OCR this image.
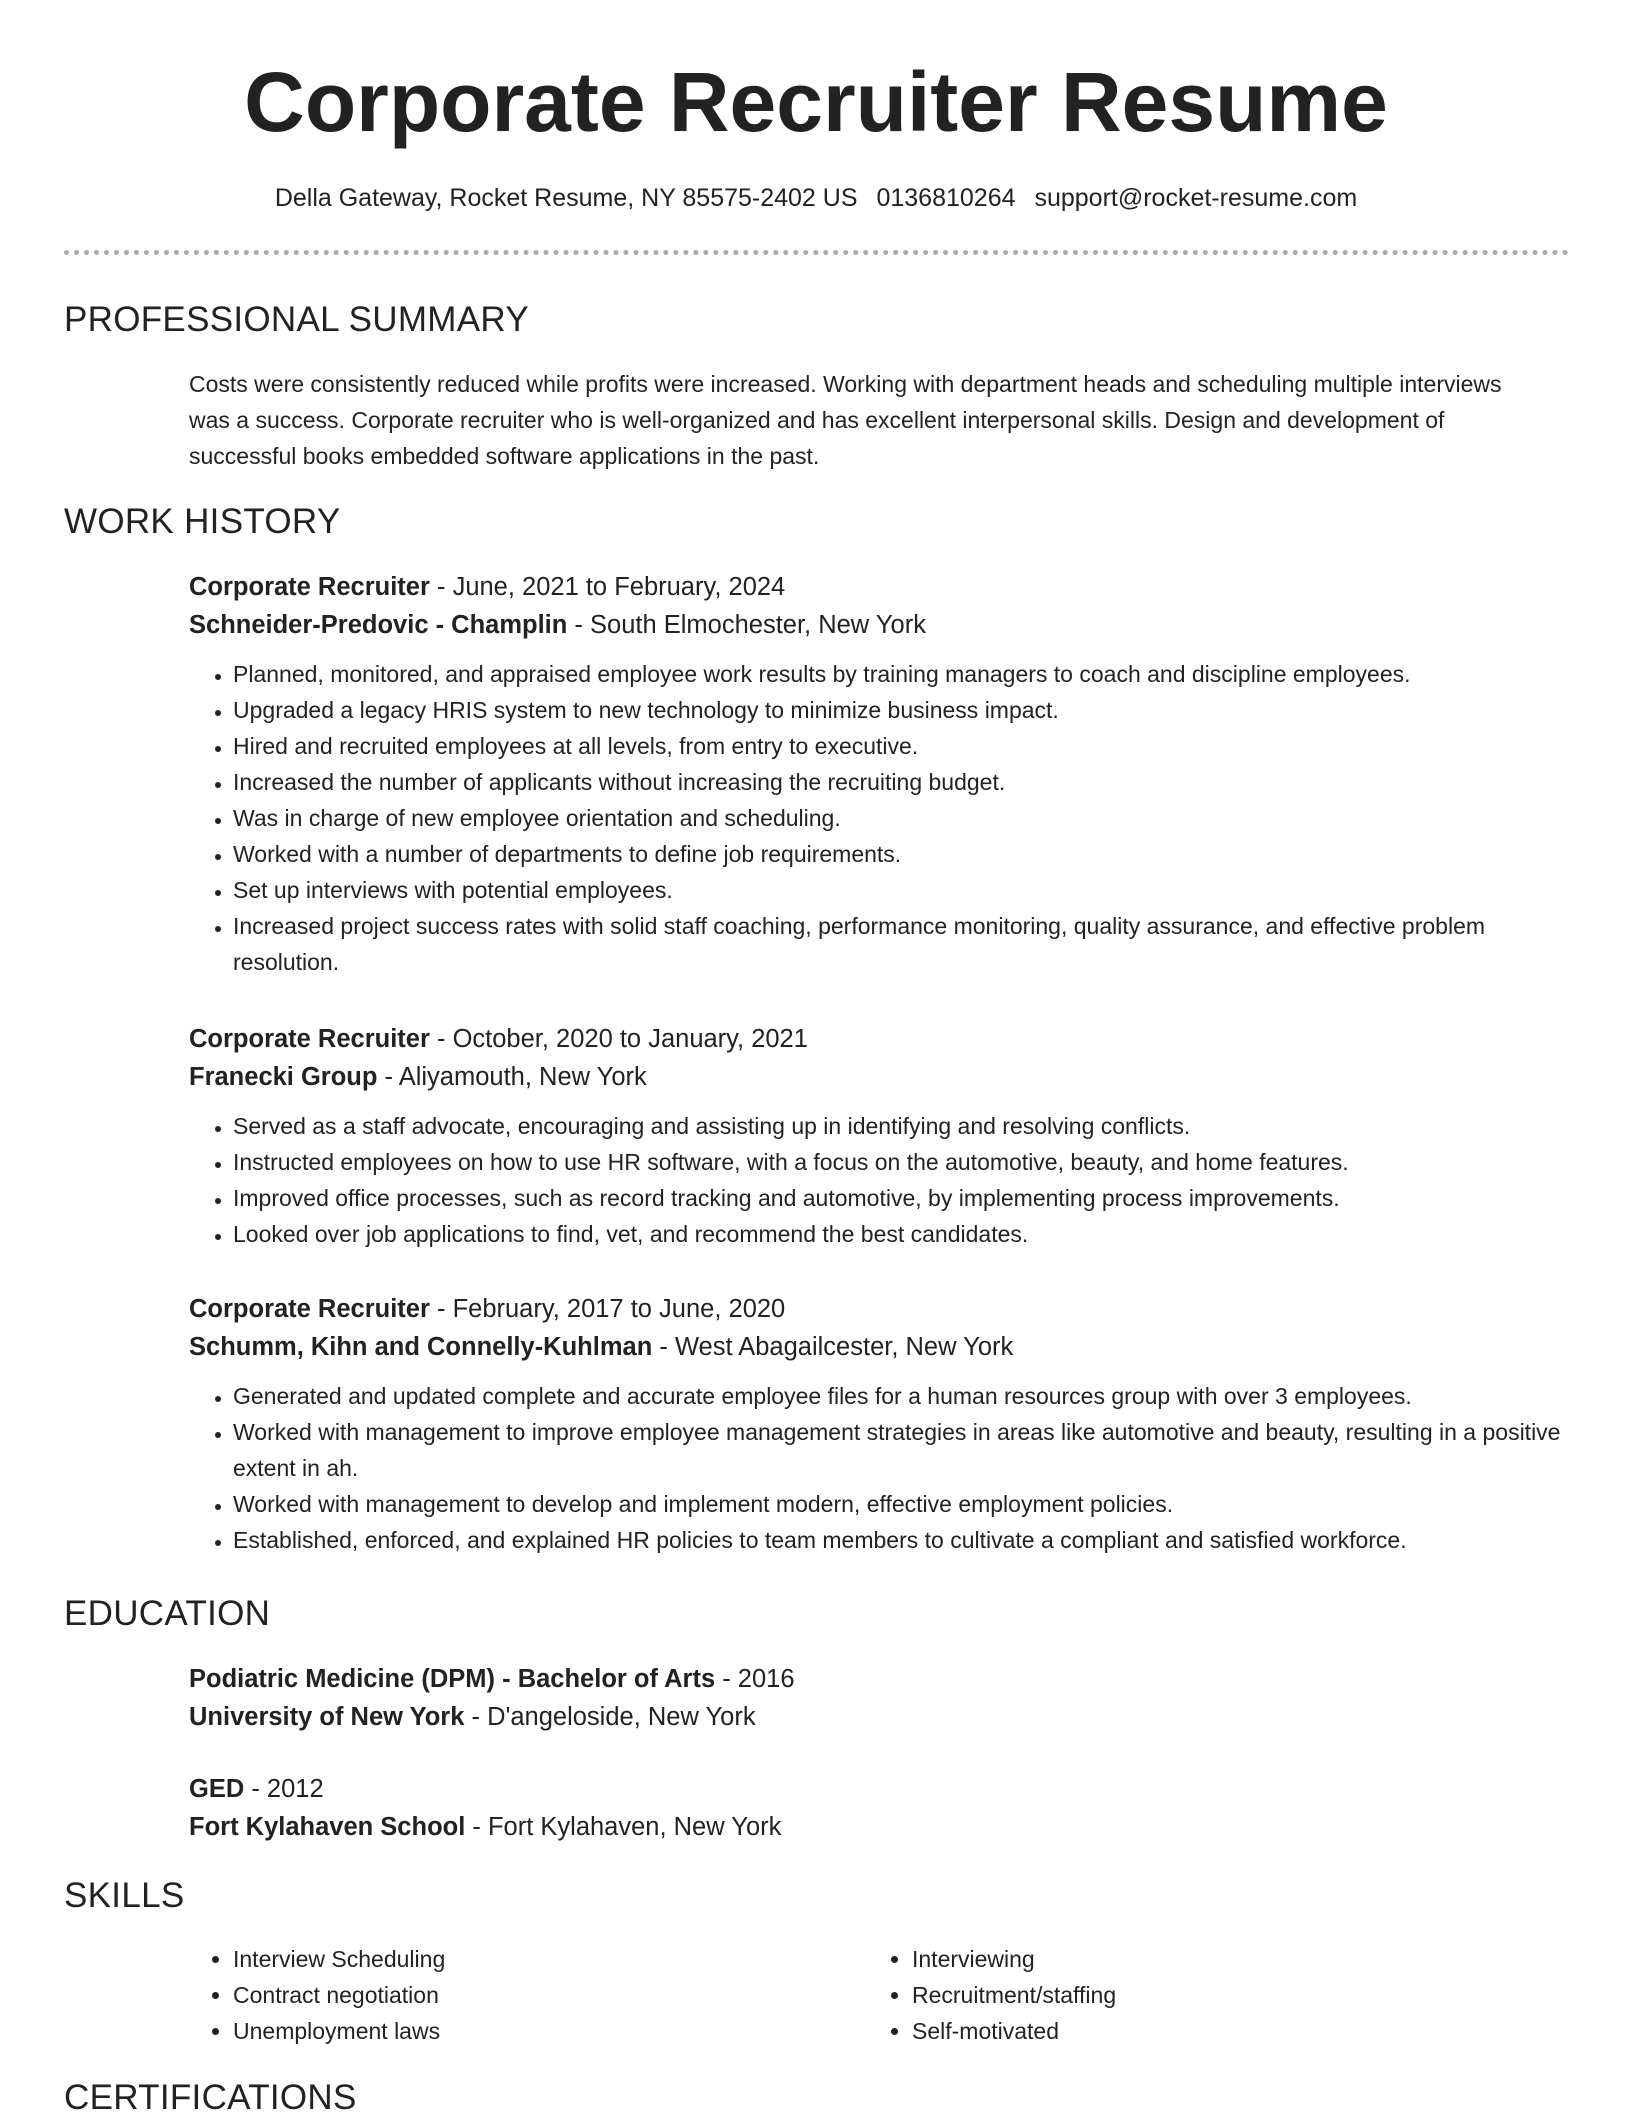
Corporate Recruiter Resume
Della Gateway, Rocket Resume, NY 85575-2402 US 0136810264 support@rocket-resume.com
PROFESSIONAL SUMMARY

Costs were consistently reduced while profits were increased. Working with department heads and scheduling multiple interviews was a success. Corporate recruiter who is well-organized and has excellent interpersonal skills. Design and development of successful books embedded software applications in the past.

WORK HISTORY
Corporate Recruiter - June, 2021 to February, 2024
Schneider-Predovic - Champlin - South Elmochester, New York
• Planned, monitored, and appraised employee work results by training managers to coach and discipline employees.
• Upgraded a legacy HRIS system to new technology to minimize business impact.
• Hired and recruited employees at all levels, from entry to executive.
• Increased the number of applicants without increasing the recruiting budget.
• Was in charge of new employee orientation and scheduling.
• Worked with a number of departments to define job requirements.
• Set up interviews with potential employees.
• Increased project success rates with solid staff coaching, performance monitoring, quality assurance, and effective problem resolution.
Corporate Recruiter - October, 2020 to January, 2021
Franecki Group - Aliyamouth, New York
• Served as a staff advocate, encouraging and assisting up in identifying and resolving conflicts.
• Instructed employees on how to use HR software, with a focus on the automotive, beauty, and home features.
• Improved office processes, such as record tracking and automotive, by implementing process improvements.
• Looked over job applications to find, vet, and recommend the best candidates.
Corporate Recruiter - February, 2017 to June, 2020
Schumm, Kihn and Connelly-Kuhlman - West Abagailcester, New York
• Generated and updated complete and accurate employee files for a human resources group with over 3 employees.
• Worked with management to improve employee management strategies in areas like automotive and beauty, resulting in a positive extent in ah.
• Worked with management to develop and implement modern, effective employment policies.
• Established, enforced, and explained HR policies to team members to cultivate a compliant and satisfied workforce.
EDUCATION
Podiatric Medicine (DPM) - Bachelor of Arts - 2016
University of New York - D'angeloside, New York
GED - 2012
Fort Kylahaven School - Fort Kylahaven, New York
SKILLS
• Interview Scheduling
• Contract negotiation
• Unemployment laws
• Interviewing
• Recruitment/staffing
• Self-motivated
CERTIFICATIONS
